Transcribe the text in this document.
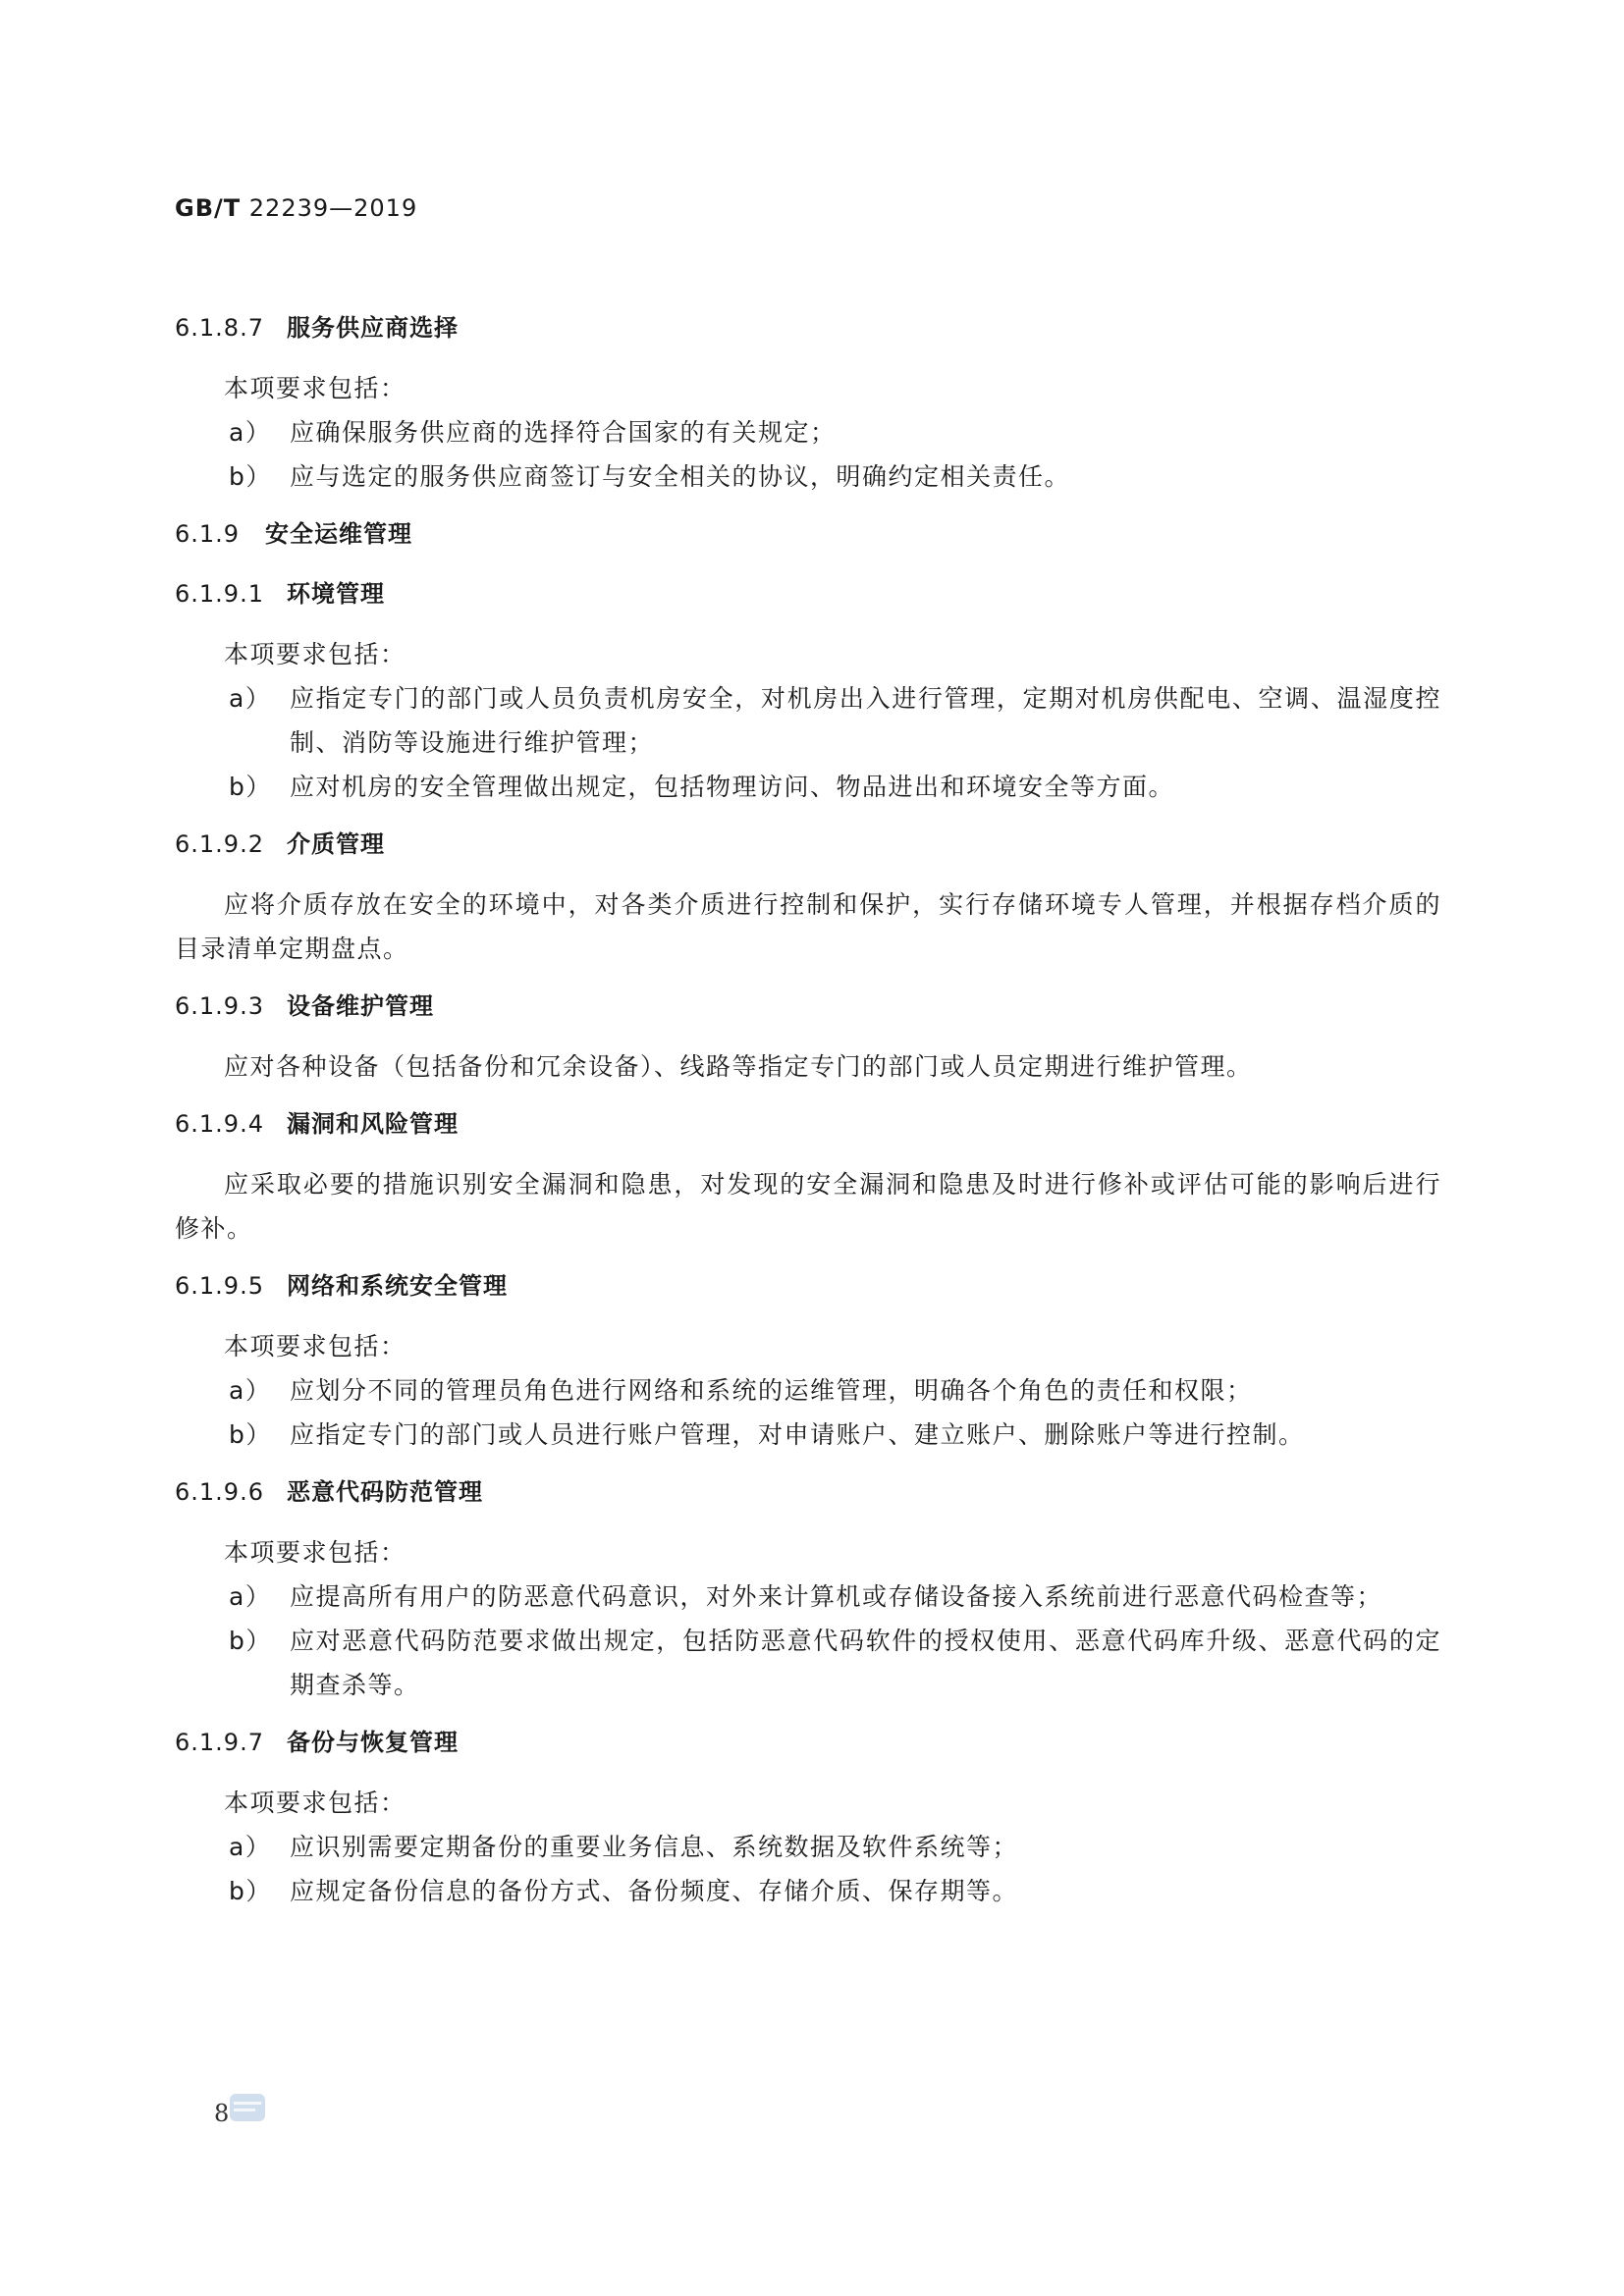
GB/T 22239—2019
6.1.8.7 服务供应商选择
本项要求包括：
a） 应确保服务供应商的选择符合国家的有关规定；
b） 应与选定的服务供应商签订与安全相关的协议，明确约定相关责任。
6.1.9 安全运维管理
6.1.9.1 环境管理
本项要求包括：
a） 应指定专门的部门或人员负责机房安全，对机房出入进行管理，定期对机房供配电、空调、温湿度控制、消防等设施进行维护管理；
b） 应对机房的安全管理做出规定，包括物理访问、物品进出和环境安全等方面。
6.1.9.2 介质管理
应将介质存放在安全的环境中，对各类介质进行控制和保护，实行存储环境专人管理，并根据存档介质的目录清单定期盘点。
6.1.9.3 设备维护管理
应对各种设备（包括备份和冗余设备）、线路等指定专门的部门或人员定期进行维护管理。
6.1.9.4 漏洞和风险管理
应采取必要的措施识别安全漏洞和隐患，对发现的安全漏洞和隐患及时进行修补或评估可能的影响后进行修补。
6.1.9.5 网络和系统安全管理
本项要求包括：
a） 应划分不同的管理员角色进行网络和系统的运维管理，明确各个角色的责任和权限；
b） 应指定专门的部门或人员进行账户管理，对申请账户、建立账户、删除账户等进行控制。
6.1.9.6 恶意代码防范管理
本项要求包括：
a） 应提高所有用户的防恶意代码意识，对外来计算机或存储设备接入系统前进行恶意代码检查等；
b） 应对恶意代码防范要求做出规定，包括防恶意代码软件的授权使用、恶意代码库升级、恶意代码的定期查杀等。
6.1.9.7 备份与恢复管理
本项要求包括：
a） 应识别需要定期备份的重要业务信息、系统数据及软件系统等；
b） 应规定备份信息的备份方式、备份频度、存储介质、保存期等。
8
